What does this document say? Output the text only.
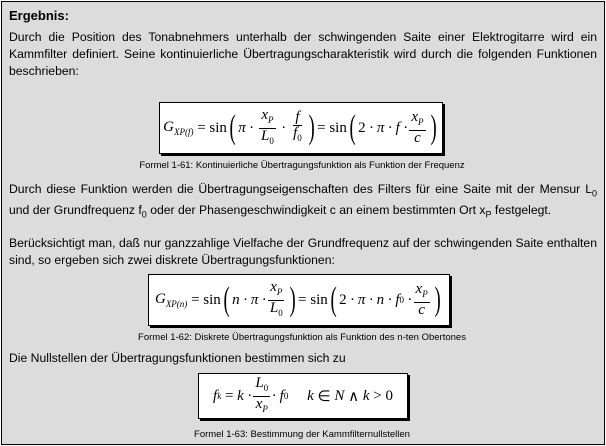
Ergebnis:
Durch die Position des Tonabnehmers unterhalb der schwingenden Saite einer Elektrogitarre wird ein Kammfilter definiert. Seine kontinuierliche Übertragungscharakteristik wird durch die folgenden Funktionen beschrieben:
$G_{XP(f)}$
= sin ( $\pi \cdot \frac{x_P}{L_0} \cdot \frac{f}{f_0}$ ) = sin ( $2 \cdot \pi \cdot f \cdot \frac{x_P}{c}$ )
Formel 1-61: Kontinuierliche Übertragungsfunktion als Funktion der Frequenz
Durch diese Funktion werden die Übertragungseigenschaften des Filters für eine Saite mit der Mensur $L_0$ und der Grundfrequenz $f_0$ oder der Phasengeschwindigkeit c an einem bestimmten Ort $x_P$ festgelegt.
Berücksichtigt man, daß nur ganzzahlige Vielfache der Grundfrequenz auf der schwingenden Saite enthalten sind, so ergeben sich zwei diskrete Übertragungsfunktionen:
$G_{XP(n)}$
= sin ( $n \cdot \pi \cdot \frac{x_P}{L_0}$ ) = sin ( 2 · π · n · f $0 \cdot \frac{x_P}{c}$ )
Formel 1-62: Diskrete Übertragungsfunktion als Funktion des n-ten Obertones
Die Nullstellen der Übertragungsfunktionen bestimmen sich zu
f k
= $k \cdot \frac{L_0}{x_P} \cdot f$ 0 k ∈ N ∧ k >
0
Formel 1-63: Bestimmung der Kammfilternullstellen
